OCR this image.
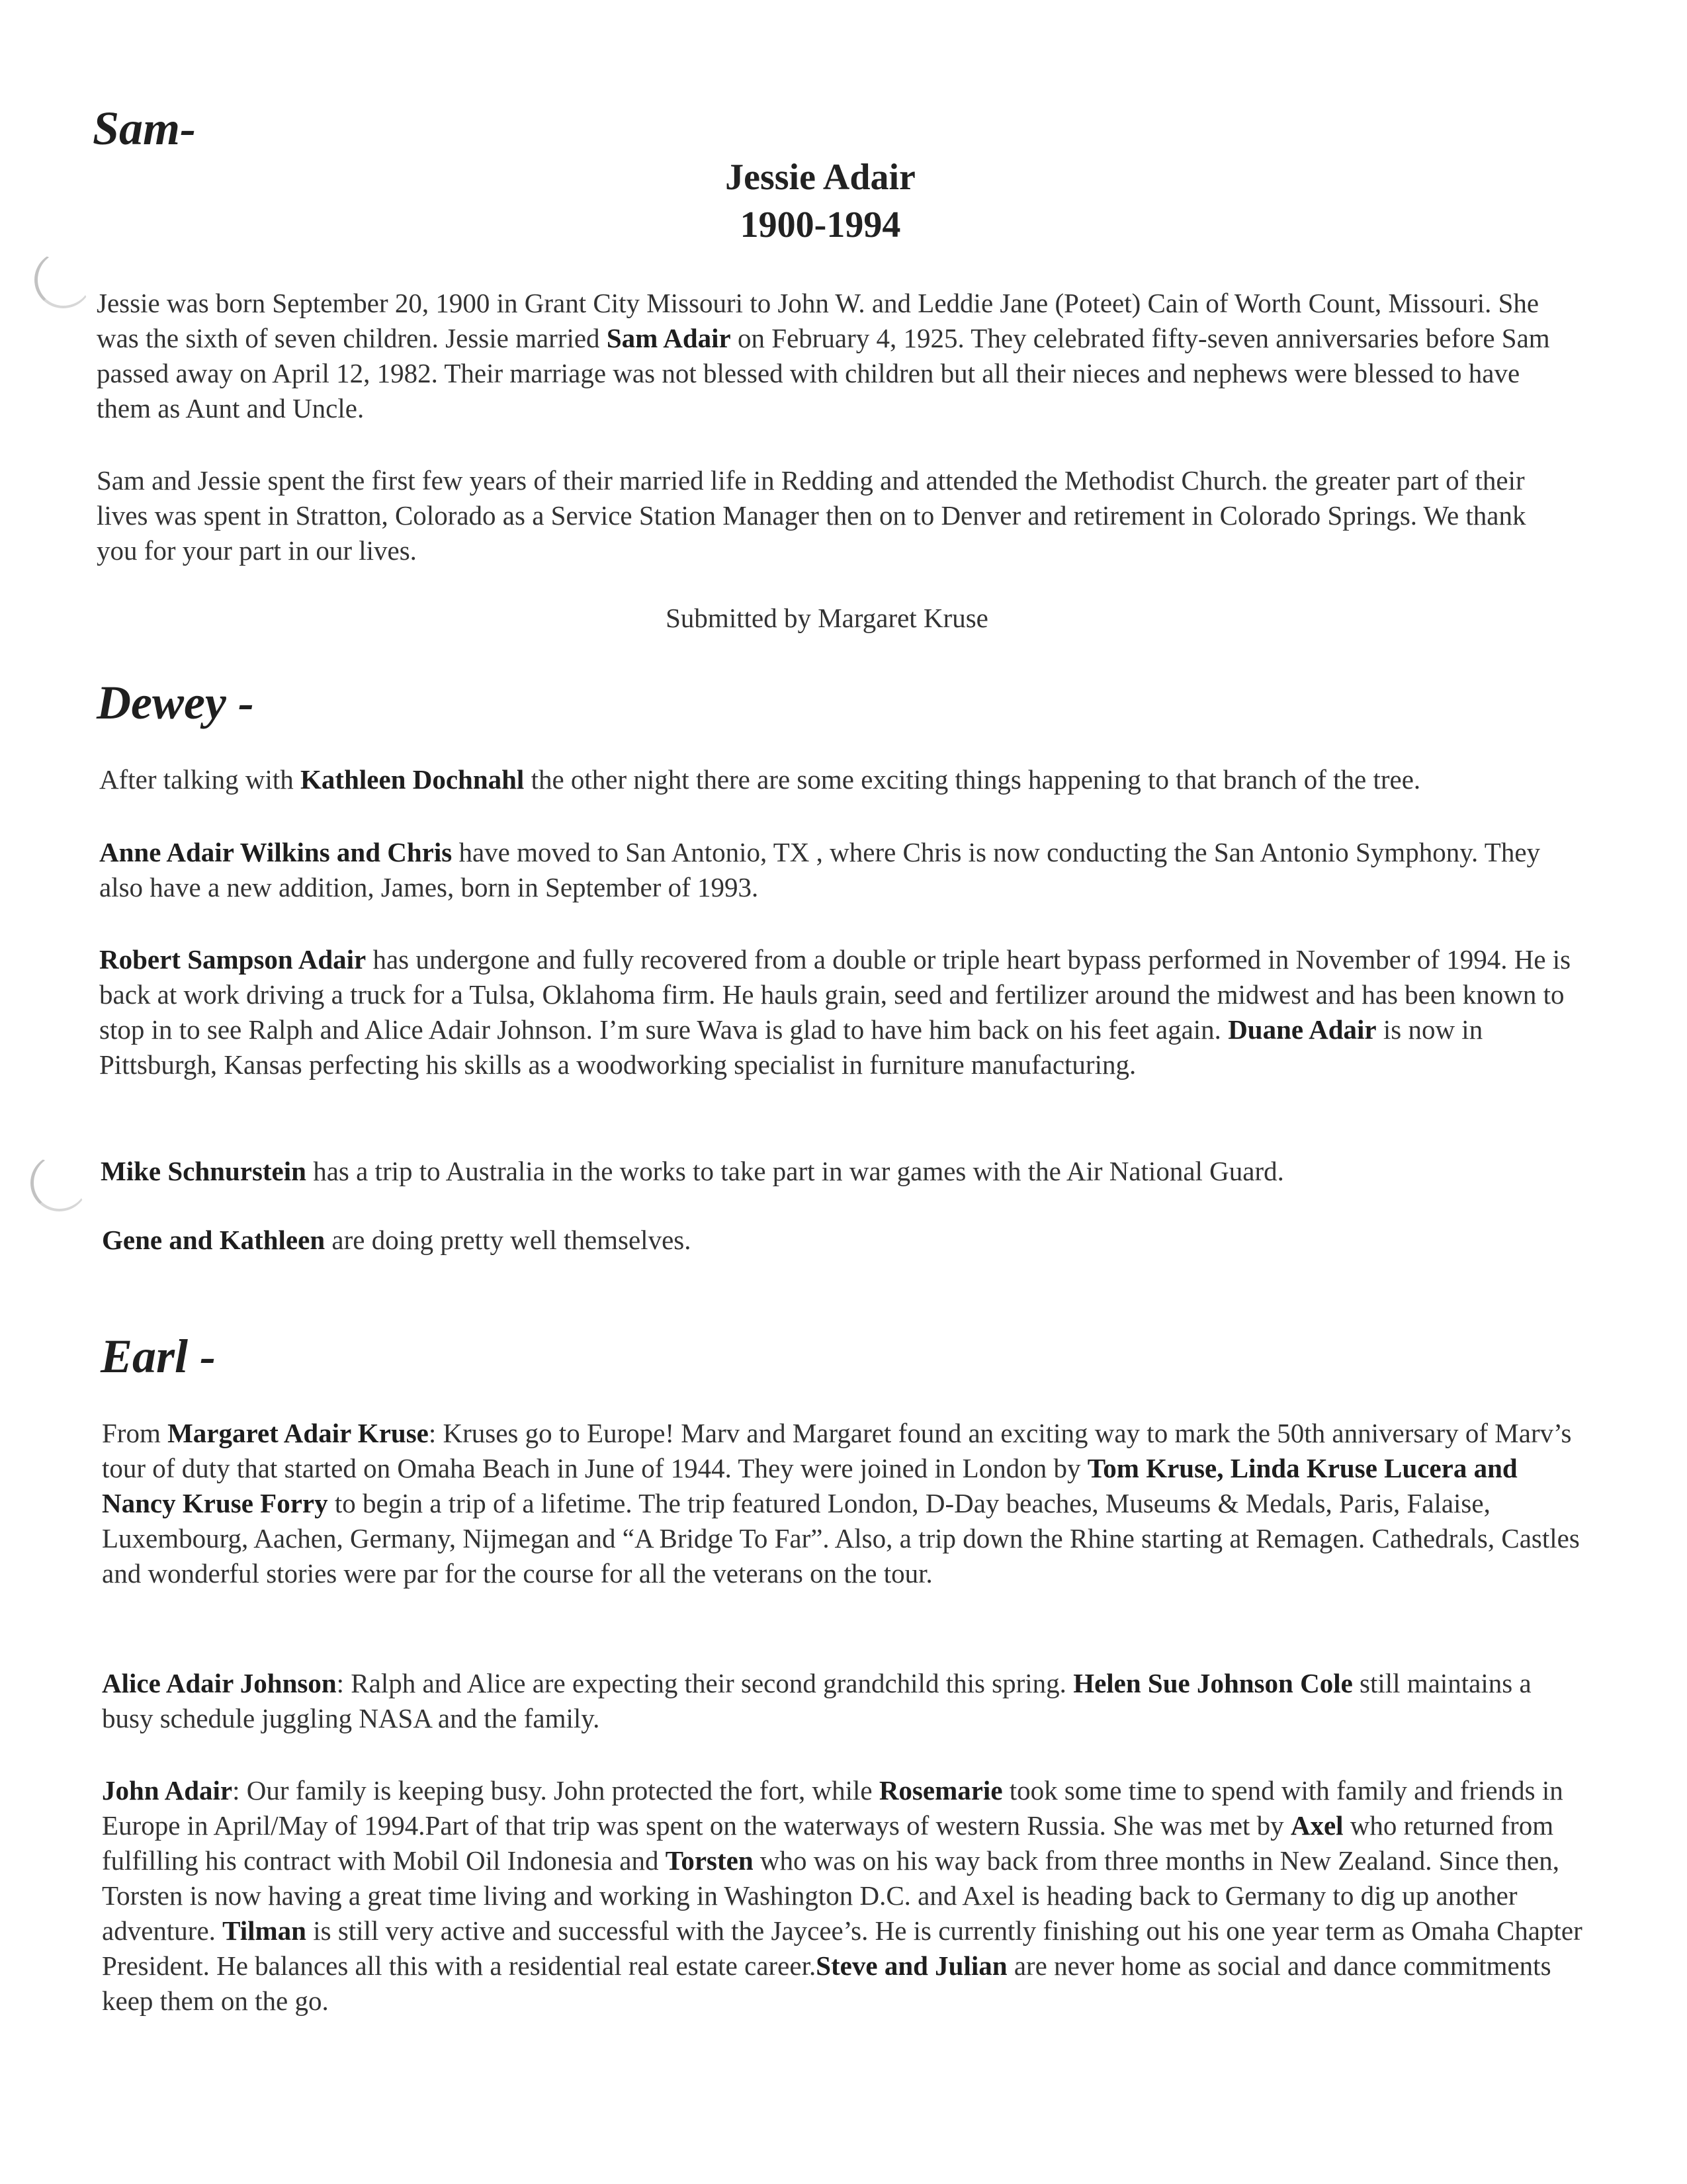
Sam-
Jessie Adair
1900-1994

Jessie was born September 20, 1900 in Grant City Missouri to John W. and Leddie Jane (Poteet) Cain of Worth Count, Missouri. She was the sixth of seven children. Jessie married Sam Adair on February 4, 1925. They celebrated fifty-seven anniversaries before Sam passed away on April 12, 1982. Their marriage was not blessed with children but all their nieces and nephews were blessed to have them as Aunt and Uncle.

Sam and Jessie spent the first few years of their married life in Redding and attended the Methodist Church. the greater part of their lives was spent in Stratton, Colorado as a Service Station Manager then on to Denver and retirement in Colorado Springs. We thank you for your part in our lives.

Submitted by Margaret Kruse

Dewey -

After talking with Kathleen Dochnahl the other night there are some exciting things happening to that branch of the tree.

Anne Adair Wilkins and Chris have moved to San Antonio, TX , where Chris is now conducting the San Antonio Symphony. They also have a new addition, James, born in September of 1993.

Robert Sampson Adair has undergone and fully recovered from a double or triple heart bypass performed in November of 1994. He is back at work driving a truck for a Tulsa, Oklahoma firm. He hauls grain, seed and fertilizer around the midwest and has been known to stop in to see Ralph and Alice Adair Johnson. I’m sure Wava is glad to have him back on his feet again. Duane Adair is now in Pittsburgh, Kansas perfecting his skills as a woodworking specialist in furniture manufacturing.

Mike Schnurstein has a trip to Australia in the works to take part in war games with the Air National Guard.

Gene and Kathleen are doing pretty well themselves.

Earl -

From Margaret Adair Kruse: Kruses go to Europe! Marv and Margaret found an exciting way to mark the 50th anniversary of Marv’s tour of duty that started on Omaha Beach in June of 1944. They were joined in London by Tom Kruse, Linda Kruse Lucera and Nancy Kruse Forry to begin a trip of a lifetime. The trip featured London, D-Day beaches, Museums & Medals, Paris, Falaise, Luxembourg, Aachen, Germany, Nijmegan and “A Bridge To Far”. Also, a trip down the Rhine starting at Remagen. Cathedrals, Castles and wonderful stories were par for the course for all the veterans on the tour.

Alice Adair Johnson: Ralph and Alice are expecting their second grandchild this spring. Helen Sue Johnson Cole still maintains a busy schedule juggling NASA and the family.

John Adair: Our family is keeping busy. John protected the fort, while Rosemarie took some time to spend with family and friends in Europe in April/May of 1994.Part of that trip was spent on the waterways of western Russia. She was met by Axel who returned from fulfilling his contract with Mobil Oil Indonesia and Torsten who was on his way back from three months in New Zealand. Since then, Torsten is now having a great time living and working in Washington D.C. and Axel is heading back to Germany to dig up another adventure. Tilman is still very active and successful with the Jaycee’s. He is currently finishing out his one year term as Omaha Chapter President. He balances all this with a residential real estate career.Steve and Julian are never home as social and dance commitments keep them on the go.
